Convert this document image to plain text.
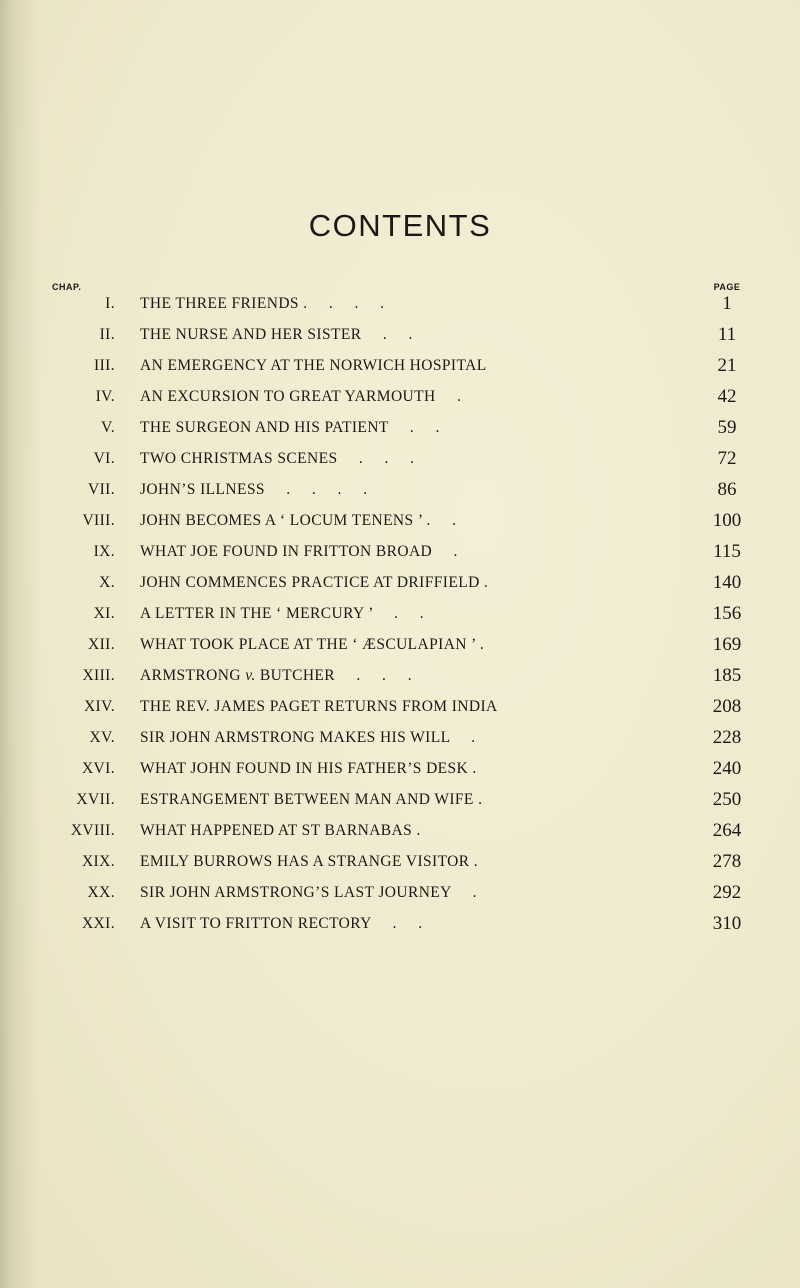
CONTENTS
CHAP.	PAGE
I. THE THREE FRIENDS .     .     .     .	1
II. THE NURSE AND HER SISTER     .     .	11
III. AN EMERGENCY AT THE NORWICH HOSPITAL	21
IV. AN EXCURSION TO GREAT YARMOUTH     .	42
V. THE SURGEON AND HIS PATIENT     .     .	59
VI. TWO CHRISTMAS SCENES     .     .     .	72
VII. JOHN’S ILLNESS     .     .     .     .	86
VIII. JOHN BECOMES A ‘ LOCUM TENENS ’ .     .	100
IX. WHAT JOE FOUND IN FRITTON BROAD     .	115
X. JOHN COMMENCES PRACTICE AT DRIFFIELD .	140
XI. A LETTER IN THE ‘ MERCURY ’     .     .	156
XII. WHAT TOOK PLACE AT THE ‘ ÆSCULAPIAN ’ .	169
XIII. ARMSTRONG v. BUTCHER     .     .     .	185
XIV. THE REV. JAMES PAGET RETURNS FROM INDIA	208
XV. SIR JOHN ARMSTRONG MAKES HIS WILL     .	228
XVI. WHAT JOHN FOUND IN HIS FATHER’S DESK .	240
XVII. ESTRANGEMENT BETWEEN MAN AND WIFE .	250
XVIII. WHAT HAPPENED AT ST BARNABAS .	264
XIX. EMILY BURROWS HAS A STRANGE VISITOR .	278
XX. SIR JOHN ARMSTRONG’S LAST JOURNEY     .	292
XXI. A VISIT TO FRITTON RECTORY     .     .	310
